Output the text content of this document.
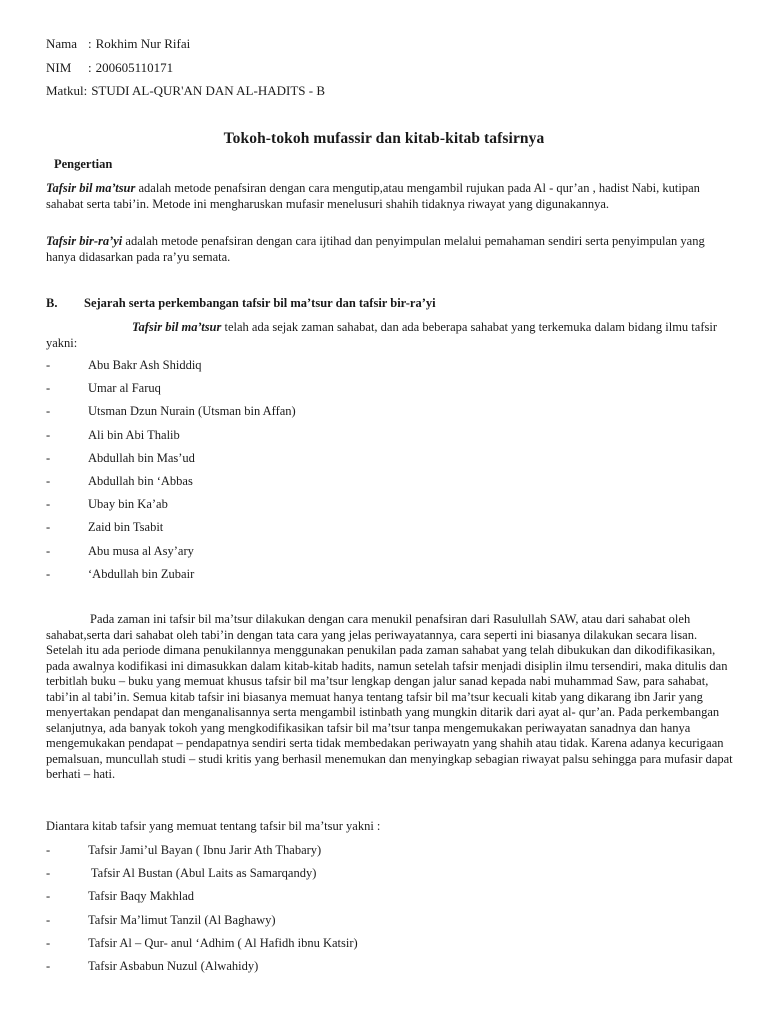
Nama : Rokhim Nur Rifai
NIM : 200605110171
Matkul: STUDI AL-QUR'AN DAN AL-HADITS - B
Tokoh-tokoh mufassir dan kitab-kitab tafsirnya
Pengertian
Tafsir bil ma’tsur adalah metode penafsiran dengan cara mengutip,atau mengambil rujukan pada Al - qur’an , hadist Nabi, kutipan sahabat serta tabi’in. Metode ini mengharuskan mufasir menelusuri shahih tidaknya riwayat yang digunakannya.
Tafsir bir-ra’yi adalah metode penafsiran dengan cara ijtihad dan penyimpulan melalui pemahaman sendiri serta penyimpulan yang hanya didasarkan pada ra’yu semata.
B. Sejarah serta perkembangan tafsir bil ma’tsur dan tafsir bir-ra’yi
Tafsir bil ma’tsur telah ada sejak zaman sahabat, dan ada beberapa sahabat yang terkemuka dalam bidang ilmu tafsir yakni:
-	Abu Bakr Ash Shiddiq
-	Umar al Faruq
-	Utsman Dzun Nurain (Utsman bin Affan)
-	Ali bin Abi Thalib
-	Abdullah bin Mas’ud
-	Abdullah bin ‘Abbas
-	Ubay bin Ka’ab
-	Zaid bin Tsabit
-	Abu musa al Asy’ary
-	‘Abdullah bin Zubair
Pada zaman ini tafsir bil ma’tsur dilakukan dengan cara menukil penafsiran dari Rasulullah SAW, atau dari sahabat oleh sahabat,serta dari sahabat oleh tabi’in dengan tata cara yang jelas periwayatannya, cara seperti ini biasanya dilakukan secara lisan. Setelah itu ada periode dimana penukilannya menggunakan penukilan pada zaman sahabat yang telah dibukukan dan dikodifikasikan, pada awalnya kodifikasi ini dimasukkan dalam kitab-kitab hadits, namun setelah tafsir menjadi disiplin ilmu tersendiri, maka ditulis dan terbitlah buku – buku yang memuat khusus tafsir bil ma’tsur lengkap dengan jalur sanad kepada nabi muhammad Saw, para sahabat, tabi’in al tabi’in. Semua kitab tafsir ini biasanya memuat hanya tentang tafsir bil ma’tsur kecuali kitab yang dikarang ibn Jarir yang menyertakan pendapat dan menganalisannya serta mengambil istinbath yang mungkin ditarik dari ayat al- qur’an. Pada perkembangan selanjutnya, ada banyak tokoh yang mengkodifikasikan tafsir bil ma’tsur tanpa mengemukakan periwayatan sanadnya dan hanya mengemukakan pendapat – pendapatnya sendiri serta tidak membedakan periwayatn yang shahih atau tidak. Karena adanya kecurigaan pemalsuan, muncullah studi – studi kritis yang berhasil menemukan dan menyingkap sebagian riwayat palsu sehingga para mufasir dapat berhati – hati.
Diantara kitab tafsir yang memuat tentang tafsir bil ma’tsur yakni :
-	Tafsir Jami’ul Bayan ( Ibnu Jarir Ath Thabary)
-	Tafsir Al Bustan (Abul Laits as Samarqandy)
-	Tafsir Baqy Makhlad
-	Tafsir Ma’limut Tanzil (Al Baghawy)
-	Tafsir Al – Qur- anul ‘Adhim ( Al Hafidh ibnu Katsir)
-	Tafsir Asbabun Nuzul (Alwahidy)
